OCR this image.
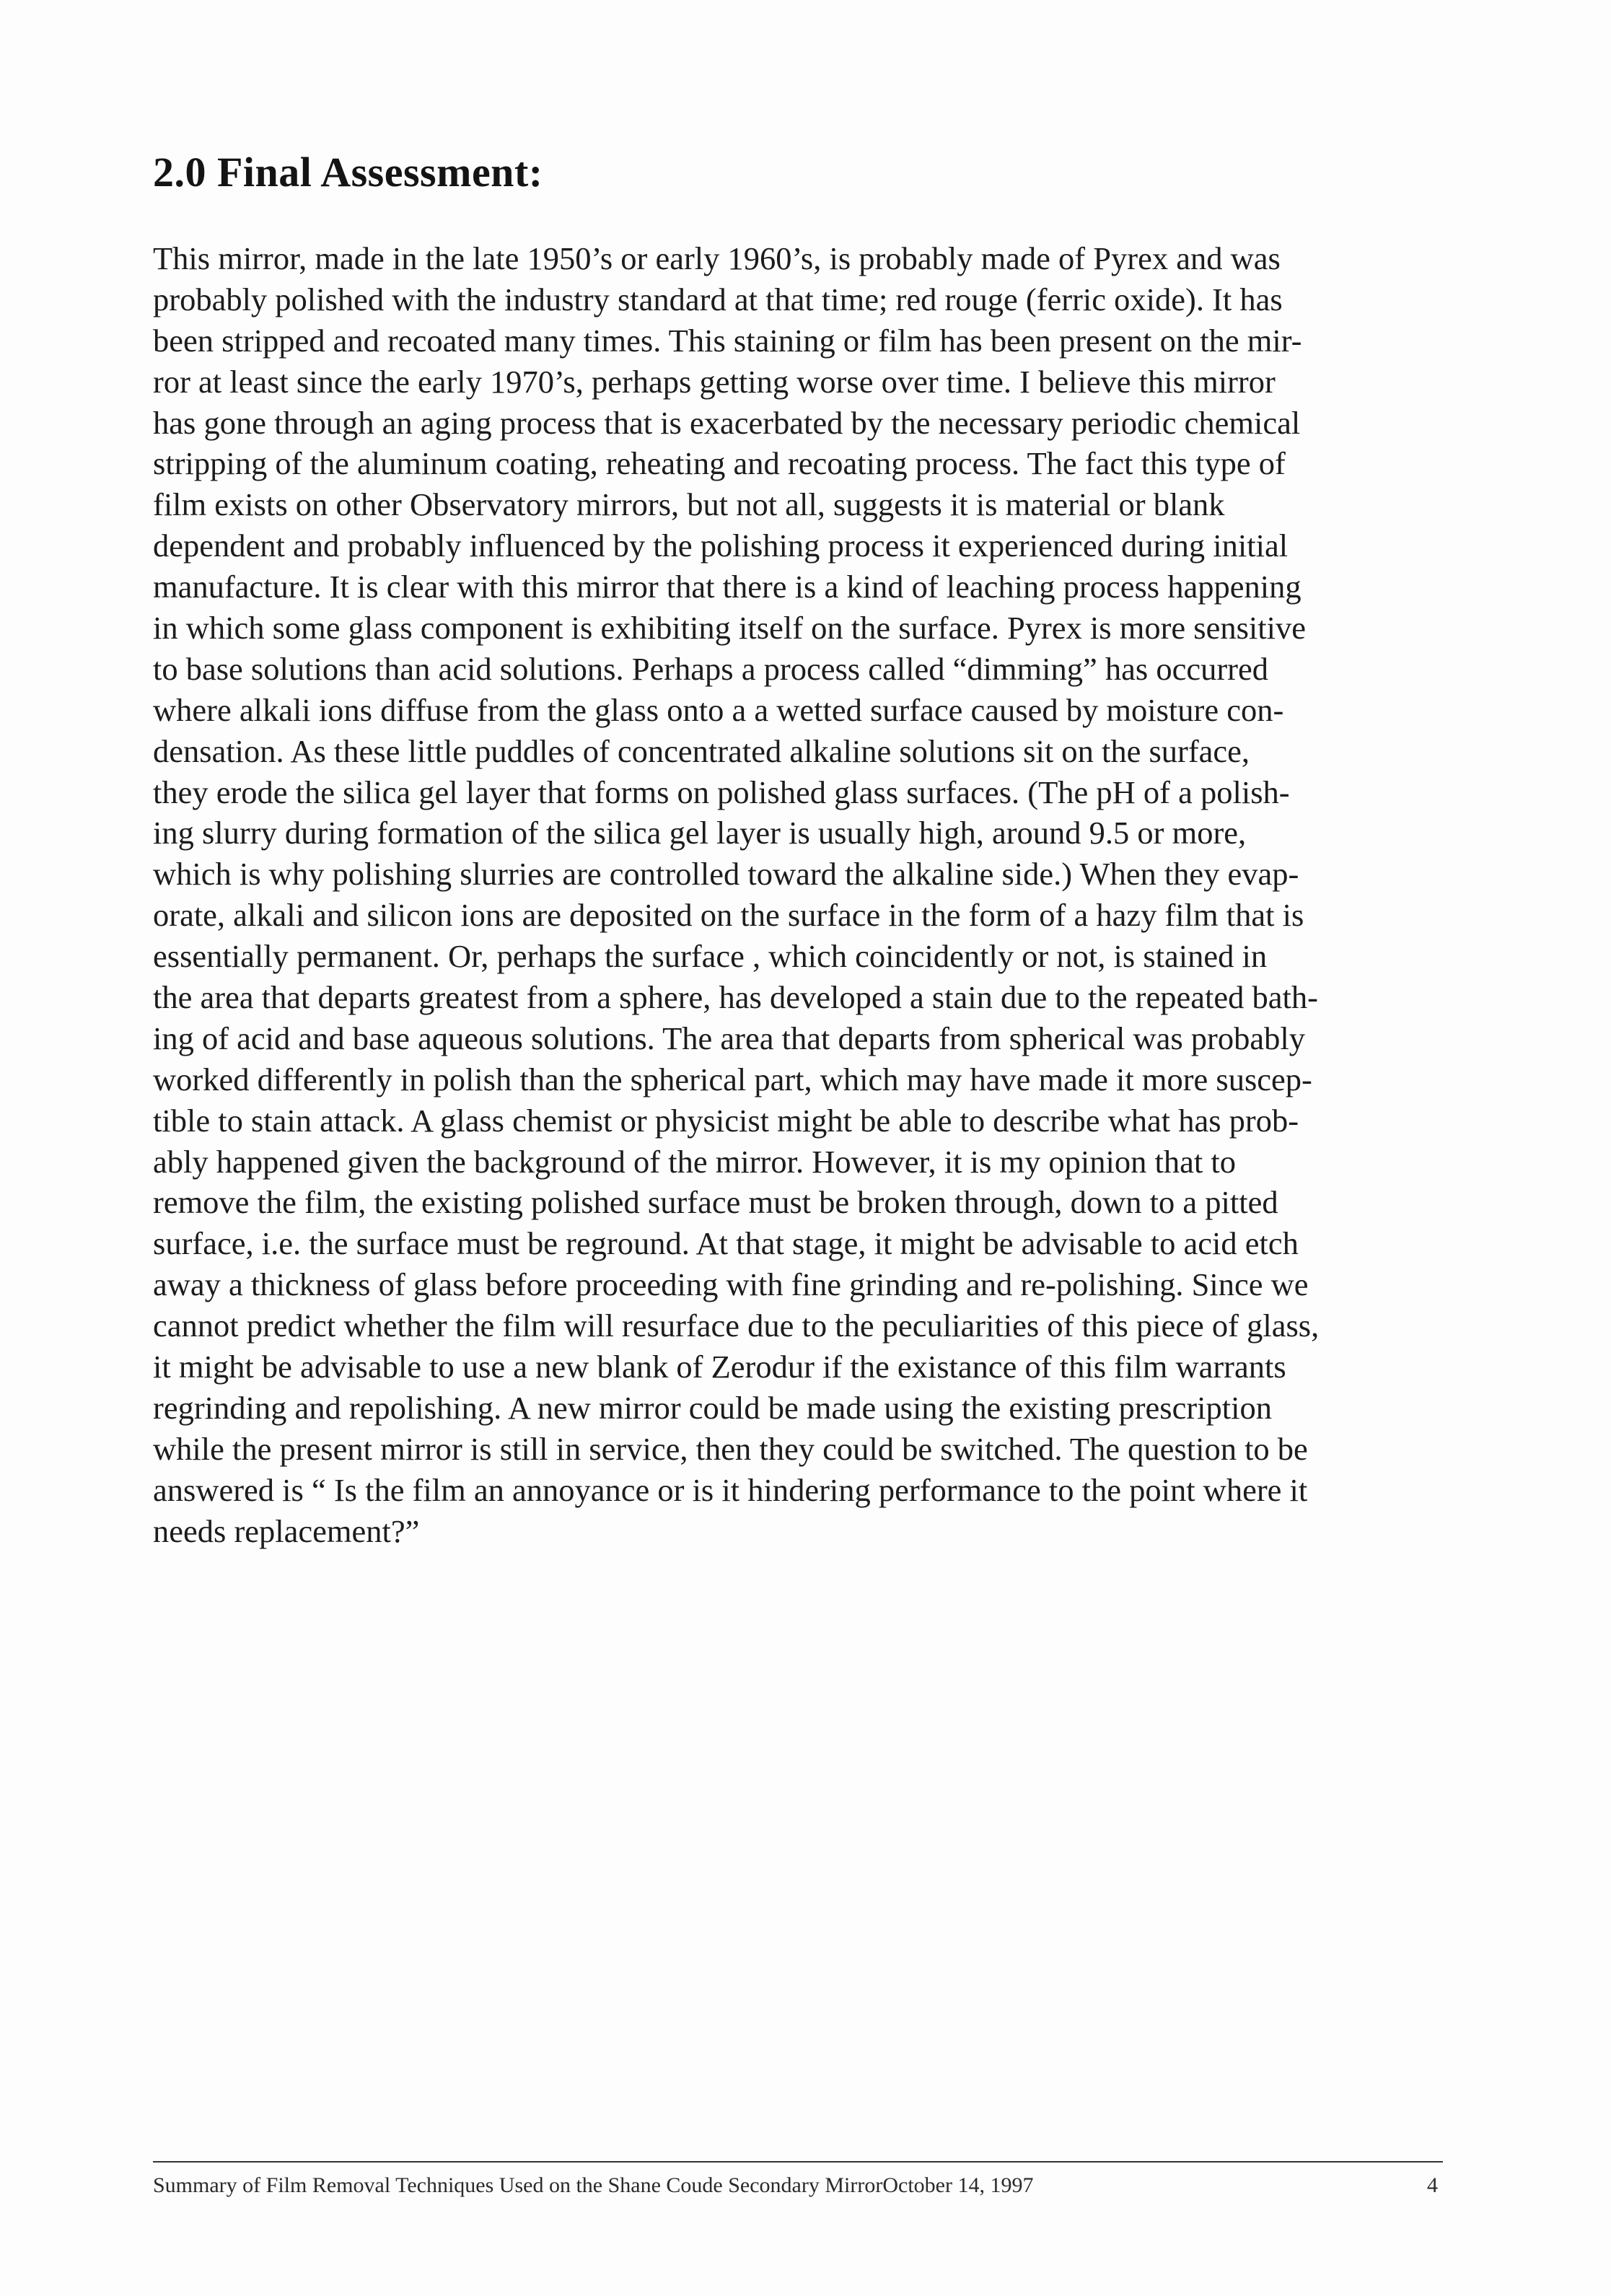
2.0 Final Assessment:
This mirror, made in the late 1950’s or early 1960’s, is probably made of Pyrex and was
probably polished with the industry standard at that time; red rouge (ferric oxide). It has
been stripped and recoated many times. This staining or film has been present on the mir-
ror at least since the early 1970’s, perhaps getting worse over time. I believe this mirror
has gone through an aging process that is exacerbated by the necessary periodic chemical
stripping of the aluminum coating, reheating and recoating process. The fact this type of
film exists on other Observatory mirrors, but not all, suggests it is material or blank
dependent and probably influenced by the polishing process it experienced during initial
manufacture. It is clear with this mirror that there is a kind of leaching process happening
in which some glass component is exhibiting itself on the surface. Pyrex is more sensitive
to base solutions than acid solutions. Perhaps a process called “dimming” has occurred
where alkali ions diffuse from the glass onto a a wetted surface caused by moisture con-
densation. As these little puddles of concentrated alkaline solutions sit on the surface,
they erode the silica gel layer that forms on polished glass surfaces. (The pH of a polish-
ing slurry during formation of the silica gel layer is usually high, around 9.5 or more,
which is why polishing slurries are controlled toward the alkaline side.) When they evap-
orate, alkali and silicon ions are deposited on the surface in the form of a hazy film that is
essentially permanent. Or, perhaps the surface , which coincidently or not, is stained in
the area that departs greatest from a sphere, has developed a stain due to the repeated bath-
ing of acid and base aqueous solutions. The area that departs from spherical was probably
worked differently in polish than the spherical part, which may have made it more suscep-
tible to stain attack. A glass chemist or physicist might be able to describe what has prob-
ably happened given the background of the mirror. However, it is my opinion that to
remove the film, the existing polished surface must be broken through, down to a pitted
surface, i.e. the surface must be reground. At that stage, it might be advisable to acid etch
away a thickness of glass before proceeding with fine grinding and re-polishing. Since we
cannot predict whether the film will resurface due to the peculiarities of this piece of glass,
it might be advisable to use a new blank of Zerodur if the existance of this film warrants
regrinding and repolishing. A new mirror could be made using the existing prescription
while the present mirror is still in service, then they could be switched. The question to be
answered is “ Is the film an annoyance or is it hindering performance to the point where it
needs replacement?”
Summary of Film Removal Techniques Used on the Shane Coude Secondary MirrorOctober 14, 1997	4
